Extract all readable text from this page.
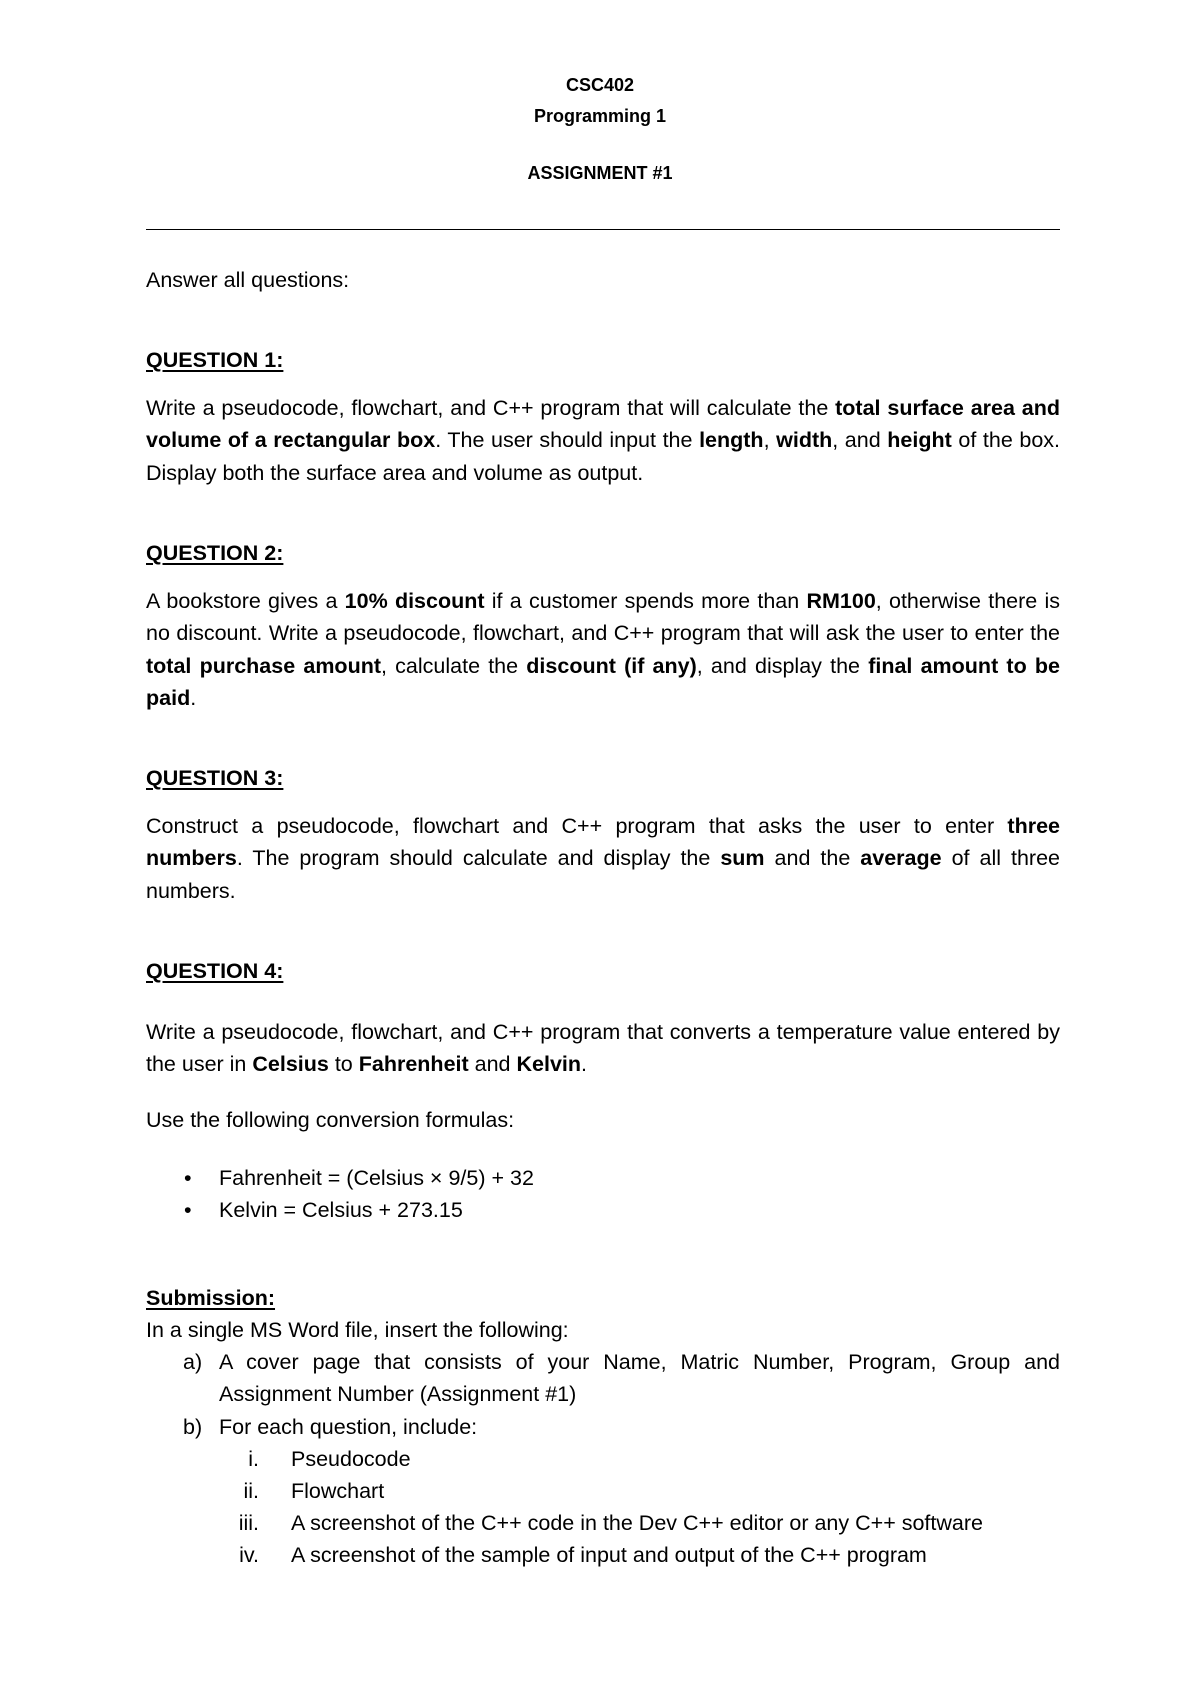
CSC402
Programming 1
ASSIGNMENT #1
Answer all questions:
QUESTION 1:
Write a pseudocode, flowchart, and C++ program that will calculate the total surface area and volume of a rectangular box. The user should input the length, width, and height of the box. Display both the surface area and volume as output.
QUESTION 2:
A bookstore gives a 10% discount if a customer spends more than RM100, otherwise there is no discount. Write a pseudocode, flowchart, and C++ program that will ask the user to enter the total purchase amount, calculate the discount (if any), and display the final amount to be paid.
QUESTION 3:
Construct a pseudocode, flowchart and C++ program that asks the user to enter three numbers. The program should calculate and display the sum and the average of all three numbers.
QUESTION 4:
Write a pseudocode, flowchart, and C++ program that converts a temperature value entered by the user in Celsius to Fahrenheit and Kelvin.
Use the following conversion formulas:
• Fahrenheit = (Celsius × 9/5) + 32
• Kelvin = Celsius + 273.15
Submission:
In a single MS Word file, insert the following:
a) A cover page that consists of your Name, Matric Number, Program, Group and Assignment Number (Assignment #1)
b) For each question, include:
i. Pseudocode
ii. Flowchart
iii. A screenshot of the C++ code in the Dev C++ editor or any C++ software
iv. A screenshot of the sample of input and output of the C++ program
